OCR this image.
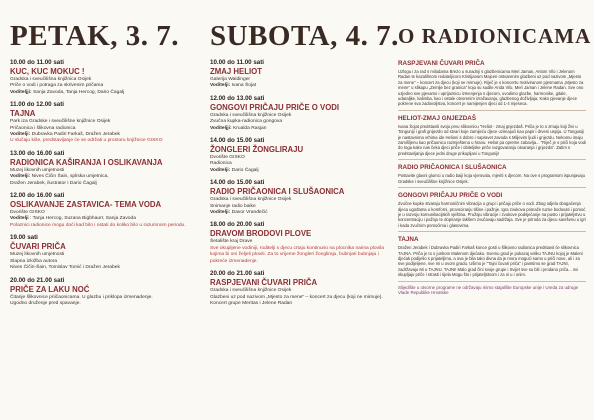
PETAK, 3. 7.
10.00 do 11.00 sati
KUC, KUC MOKUC !
Gradska i sveučilišna knjižnica Osijek
Priče o vodi i potraga za skrivenim pričama
Voditeljji: Sanja Zavoda, Tanja Hercog, Dario Čagalj
11.00 do 12.00 sati
TAJNA
Park iza Gradske i sveučilišne knjižnice Osijek
Pričaonica i šlikovna radionica
Voditelji: Dubravka Padiri Farkaš, Dražen Jerabek
U slučaju kiše, predstavljanje će se održati u prostoru knjižnice GISKO
13.00 do 16.00 sati
RADIONICA KAŠIRANJA I OSLIKAVANJA
Muzej likovnih umjetnosti
Voditelji: Nives Čičin Šain, spliska umjetnica,
Dražen Jerabek, ilustrator i Dario Čagalj
12.00 do 16.00 sati
OSLIKAVANJE ZASTAVICA- TEMA VODA
Dvorište GISKO
Voditelji : Tanja Hercog, Suzana Bigbhaurr, Sanja Zavoda
Polaznici radionice mogu doći kad bilo i ostati do koliko bilo u razumnom periodu.
19.00 sati
ČUVARI PRIČA
Muzej likovnih umjetnosti
Slapna izložba autora
Nives Čičin-Šain, Tomislav Tomić i Dražen Jerabek
20.00 do 21.00 sati
PRIČE ZA LAKU NOĆ
Čitanje šlikovnice priičaonicama. U glazbu i priklopa izmenadenje.
Ugodno druženje pred spavanje.
SUBOTA, 4. 7.
10.00 do 11.00 sati
ZMAJ HELIOT
Galerija Waldinger
Voditelji: Ivana Šojat
12.00 do 13.00 sati
GONGOVI PRIČAJU PRIČE O VODI
Gradska i sveučilišna knjižnice Osijek
Zvučna kupka-radionica gongova
Voditeljji: Krualda Rasjan
14.00 do 15.00 sati
ŽONGLERI ŽONGLIRAJU
Dvorište GISKO
Radionica
Voditelji: Dario Čagalj
14.00 do 15.00 sati
RADIO PRIČAONICA I SLUŠAONICA
Gradska i sveučilišna knjižnice Osijek
Snimanje radio baike
Voditelji: Davor Vranđečić
18.00 do 20.00 sati
DRAVOM BRODOVI PLOVE
Šetalište kraj Drave
Sve okupljene vodiniji, roditelji s djecu crtaju kontinuiro na plocnika naima plovila kojima bi oni željeli ploviti. Za to vrijeme žongleri žongliraju, bubnjari bubnjaju i pokreće izmenadenje.
20.00 do 21.00 sati
RASPJEVANI ČUVARI PRIČA
Gradska i sveučilišna knjižnice Osijek
Glazbeni uz pod nazivom „Mjesto za mene" – koncert za djecu (koji ne mirnuje).
Koncert grupe Meritas i Jelene Radan
O RADIONICAMA
RASPJEVANI ČUVARI PRIČA
Uzlogu i za rad s milodama Brezo u suradnji s glazbenicama Meri Jaman, Antom Vilo i Jelenom Radan te kazališnom redateljicom Kristijanom Majcen ostvarenim glazbeni uz pod nazivom „Mjesto za mene" – koncert za djecu (koji ne mirnuje). Riječ je o koncertu motiviranom pjesmama „Mjesto za mene" u slikapu „Zemlje bez granica" koju su sudile Anda Vilo, Meri Jaman i Jelene Radan. Sve ono uzjedno sve pjevamo i uprijaznicu izmenjenja s djecom, uvodimo glazbe, harmonike, gitale, udaraljke, kalimba, kao i ostale otvorenim izražavanju, glazbenog doživljaja, Kako pjevanje djece pokrene sva zadovoljstva, koncert je namijenjen djeci od 1-4 mjeseca.
HELIOT-ZMAJ GNJEZDAŠ
Ivana Šojat predstaviti svoju prvu slikovnicu "Heliot - zmaj gnjezdaš. Priča je to o zmaju koji živi u Tonguniji i grafi gnijezdo od stvari koje zamijeću djece uzimajući kao papir i drveni uspiju. U Tonguniji je nastavnima vrhima ide Helioni s dobro i napravet zavoda s Miljevim ljudi i gnjezdu. Nekomu imaju zamišljenu kao pričaonicu razmještena u hranu. Heliot pa opreme zabavlja... "Riječ je o priči koja vodi do toga kako nas čeka djeci priče i obiteljske priče razgovaranju otvaranja i gnjezda". Zatim s predstavljanja djece jedni druge prikupljani u Tonguniji!
RADIO PRIČAONICA I SLUŠAONICA
Postavite glavni glumci u radio baiji koja vjerovala, mjeriti s djecom. Na ove s programom ispunjavaju Gradske i sveučilišne knjižnice Osijek.
GONGOVI PRIČAJU PRIČE O VODI
Zvučne kupke stvaraju harmoničnim vibracija u grupi i pričaju priče o vodi. Zbog odjela obogaćenja djeca ugođama u komforni, provociranju tišine i pažnje. Igra zvukova pomaže tuzne bodovati i pomoć je u razvoju komunikacijskih vještina. Pružaju vibracije i zvukove podsjećanje na pusto i prijateljstvu u koncentraciju i pažnju te dopiranje lakšem zvučavaju sadržaja. Sve je priroda za djecu savršenu u igri i kada zvučnim pomoćima i glasovima.
TAJNA
Dražen Jerabek i Dubravka Padiri Farkaš konce gosti u šlikovno radionica predstavit će slikovnicu TAJNA. Priča je to o junkom Malenom djećaku. Svemu grad je pokazaj veliku TAJNU kojoj je Maleni djećak podijelio s prijateljima, a ova je bila tako divna da je mora mogući samo u priči nove, ali i za sve podijeljene, sve mi u ovom gradu. Ušimo je "Tajni čuvari priča" i pamtimo se grad TAJNI, zadržavaju Mi u TAJNU. TAJNI! Malo grad čini svoje grupe i Svijet sve su bili i prodano priča... svi skupljaju priče i strasti i tijela Mogu što i prijateljstvom i za ni u i onim.
Slijedište u otvorne programe ne održavaju mimo stajalište Europske unije i Ureda za udruge Vlade Republike Hrvatske
